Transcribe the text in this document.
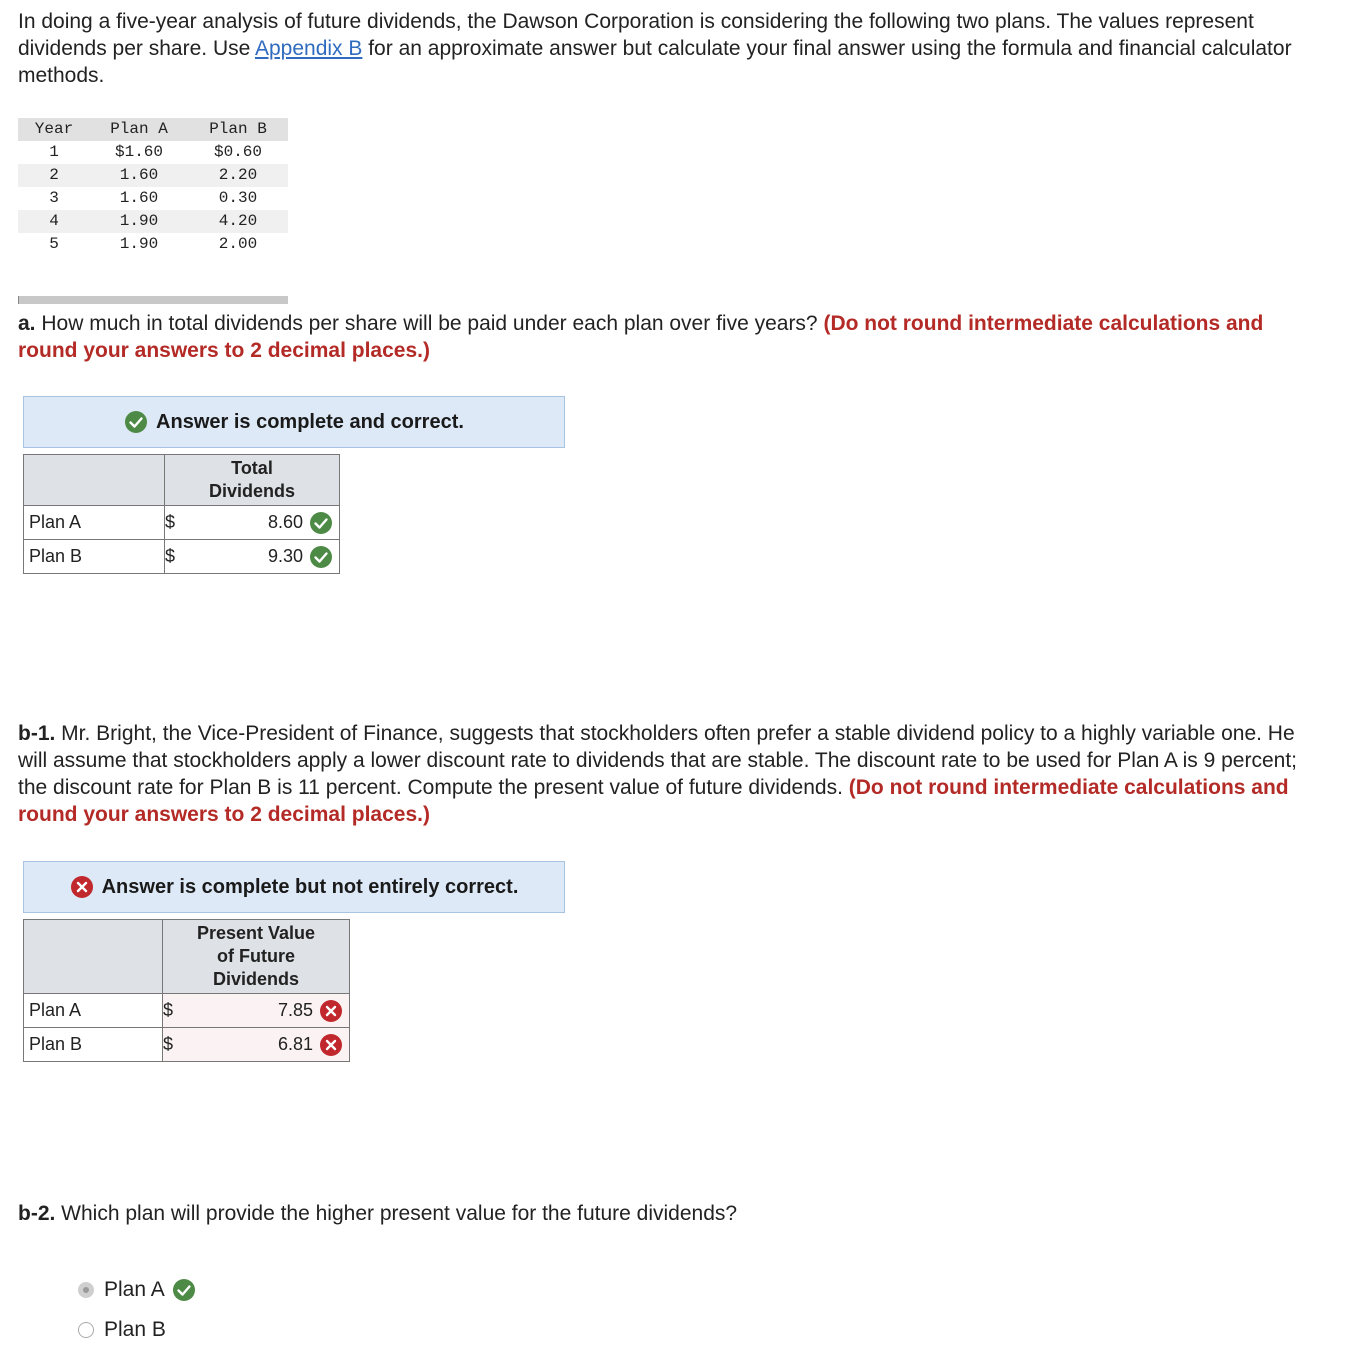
In doing a five-year analysis of future dividends, the Dawson Corporation is considering the following two plans. The values represent dividends per share. Use Appendix B for an approximate answer but calculate your final answer using the formula and financial calculator methods.

Year	Plan A	Plan B
1	$1.60	$0.60
2	1.60	2.20
3	1.60	0.30
4	1.90	4.20
5	1.90	2.00

a. How much in total dividends per share will be paid under each plan over five years? (Do not round intermediate calculations and round your answers to 2 decimal places.)

Answer is complete and correct.
	Total
Dividends	
Plan A	$	8.60

Plan B	$	9.30

b-1. Mr. Bright, the Vice-President of Finance, suggests that stockholders often prefer a stable dividend policy to a highly variable one. He will assume that stockholders apply a lower discount rate to dividends that are stable. The discount rate to be used for Plan A is 9 percent; the discount rate for Plan B is 11 percent. Compute the present value of future dividends. (Do not round intermediate calculations and round your answers to 2 decimal places.)

Answer is complete but not entirely correct.
	Present Value
of Future
Dividends	
Plan A	$	7.85

Plan B	$	6.81

b-2. Which plan will provide the higher present value for the future dividends?

Plan A
Plan B
